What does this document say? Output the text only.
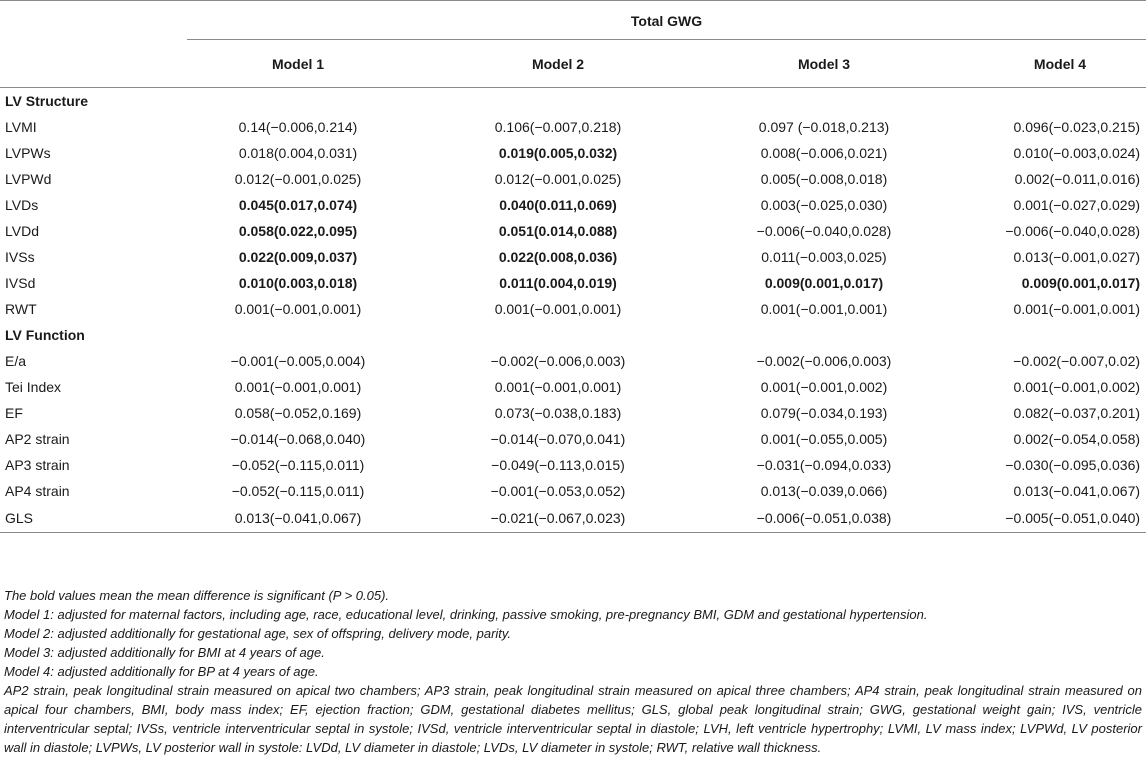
	Total GWG			
	Model 1	Model 2	Model 3	Model 4
LV Structure				
LVMI	0.14(−0.006,0.214)	0.106(−0.007,0.218)	0.097 (−0.018,0.213)	0.096(−0.023,0.215)
LVPWs	0.018(0.004,0.031)	0.019(0.005,0.032)	0.008(−0.006,0.021)	0.010(−0.003,0.024)
LVPWd	0.012(−0.001,0.025)	0.012(−0.001,0.025)	0.005(−0.008,0.018)	0.002(−0.011,0.016)
LVDs	0.045(0.017,0.074)	0.040(0.011,0.069)	0.003(−0.025,0.030)	0.001(−0.027,0.029)
LVDd	0.058(0.022,0.095)	0.051(0.014,0.088)	−0.006(−0.040,0.028)	−0.006(−0.040,0.028)
IVSs	0.022(0.009,0.037)	0.022(0.008,0.036)	0.011(−0.003,0.025)	0.013(−0.001,0.027)
IVSd	0.010(0.003,0.018)	0.011(0.004,0.019)	0.009(0.001,0.017)	0.009(0.001,0.017)
RWT	0.001(−0.001,0.001)	0.001(−0.001,0.001)	0.001(−0.001,0.001)	0.001(−0.001,0.001)
LV Function				
E/a	−0.001(−0.005,0.004)	−0.002(−0.006,0.003)	−0.002(−0.006,0.003)	−0.002(−0.007,0.02)
Tei Index	0.001(−0.001,0.001)	0.001(−0.001,0.001)	0.001(−0.001,0.002)	0.001(−0.001,0.002)
EF	0.058(−0.052,0.169)	0.073(−0.038,0.183)	0.079(−0.034,0.193)	0.082(−0.037,0.201)
AP2 strain	−0.014(−0.068,0.040)	−0.014(−0.070,0.041)	0.001(−0.055,0.005)	0.002(−0.054,0.058)
AP3 strain	−0.052(−0.115,0.011)	−0.049(−0.113,0.015)	−0.031(−0.094,0.033)	−0.030(−0.095,0.036)
AP4 strain	−0.052(−0.115,0.011)	−0.001(−0.053,0.052)	0.013(−0.039,0.066)	0.013(−0.041,0.067)
GLS	0.013(−0.041,0.067)	−0.021(−0.067,0.023)	−0.006(−0.051,0.038)	−0.005(−0.051,0.040)

The bold values mean the mean difference is significant (P > 0.05).

Model 1: adjusted for maternal factors, including age, race, educational level, drinking, passive smoking, pre-pregnancy BMI, GDM and gestational hypertension.

Model 2: adjusted additionally for gestational age, sex of offspring, delivery mode, parity.

Model 3: adjusted additionally for BMI at 4 years of age.

Model 4: adjusted additionally for BP at 4 years of age.

AP2 strain, peak longitudinal strain measured on apical two chambers; AP3 strain, peak longitudinal strain measured on apical three chambers; AP4 strain, peak longitudinal strain measured on apical four chambers, BMI, body mass index; EF, ejection fraction; GDM, gestational diabetes mellitus; GLS, global peak longitudinal strain; GWG, gestational weight gain; IVS, ventricle interventricular septal; IVSs, ventricle interventricular septal in systole; IVSd, ventricle interventricular septal in diastole; LVH, left ventricle hypertrophy; LVMI, LV mass index; LVPWd, LV posterior wall in diastole; LVPWs, LV posterior wall in systole: LVDd, LV diameter in diastole; LVDs, LV diameter in systole; RWT, relative wall thickness.
